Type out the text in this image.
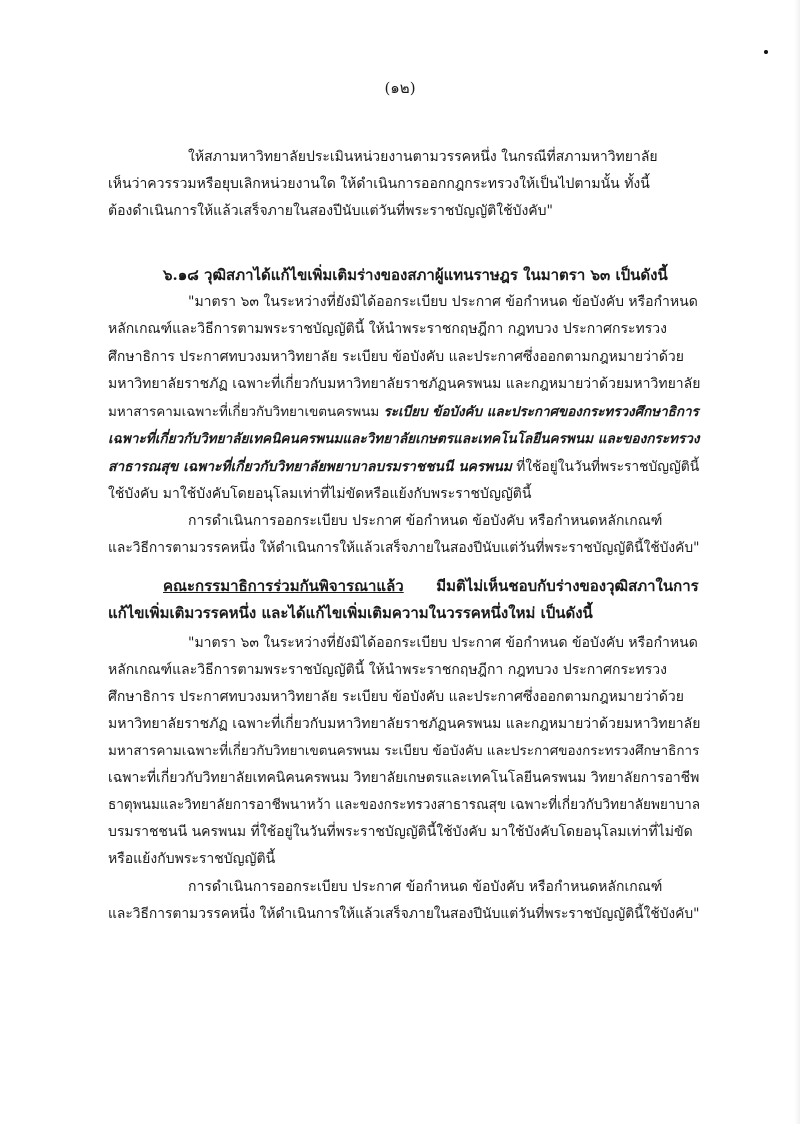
(๑๒)
ให้สภามหาวิทยาลัยประเมินหน่วยงานตามวรรคหนึ่ง ในกรณีที่สภามหาวิทยาลัย
เห็นว่าควรรวมหรือยุบเลิกหน่วยงานใด ให้ดำเนินการออกกฎกระทรวงให้เป็นไปตามนั้น ทั้งนี้
ต้องดำเนินการให้แล้วเสร็จภายในสองปีนับแต่วันที่พระราชบัญญัติใช้บังคับ"
๖.๑๘ วุฒิสภาได้แก้ไขเพิ่มเติมร่างของสภาผู้แทนราษฎร ในมาตรา ๖๓ เป็นดังนี้
"มาตรา ๖๓ ในระหว่างที่ยังมิได้ออกระเบียบ ประกาศ ข้อกำหนด ข้อบังคับ หรือกำหนด
หลักเกณฑ์และวิธีการตามพระราชบัญญัตินี้ ให้นำพระราชกฤษฎีกา กฎทบวง ประกาศกระทรวง
ศึกษาธิการ ประกาศทบวงมหาวิทยาลัย ระเบียบ ข้อบังคับ และประกาศซึ่งออกตามกฎหมายว่าด้วย
มหาวิทยาลัยราชภัฏ เฉพาะที่เกี่ยวกับมหาวิทยาลัยราชภัฏนครพนม และกฎหมายว่าด้วยมหาวิทยาลัย
มหาสารคามเฉพาะที่เกี่ยวกับวิทยาเขตนครพนม ระเบียบ ข้อบังคับ และประกาศของกระทรวงศึกษาธิการ
เฉพาะที่เกี่ยวกับวิทยาลัยเทคนิคนครพนมและวิทยาลัยเกษตรและเทคโนโลยีนครพนม และของกระทรวง
สาธารณสุข เฉพาะที่เกี่ยวกับวิทยาลัยพยาบาลบรมราชชนนี นครพนม ที่ใช้อยู่ในวันที่พระราชบัญญัตินี้
ใช้บังคับ มาใช้บังคับโดยอนุโลมเท่าที่ไม่ขัดหรือแย้งกับพระราชบัญญัตินี้
การดำเนินการออกระเบียบ ประกาศ ข้อกำหนด ข้อบังคับ หรือกำหนดหลักเกณฑ์
และวิธีการตามวรรคหนึ่ง ให้ดำเนินการให้แล้วเสร็จภายในสองปีนับแต่วันที่พระราชบัญญัตินี้ใช้บังคับ"
คณะกรรมาธิการร่วมกันพิจารณาแล้ว มีมติไม่เห็นชอบกับร่างของวุฒิสภาในการ
แก้ไขเพิ่มเติมวรรคหนึ่ง และได้แก้ไขเพิ่มเติมความในวรรคหนึ่งใหม่ เป็นดังนี้
"มาตรา ๖๓ ในระหว่างที่ยังมิได้ออกระเบียบ ประกาศ ข้อกำหนด ข้อบังคับ หรือกำหนด
หลักเกณฑ์และวิธีการตามพระราชบัญญัตินี้ ให้นำพระราชกฤษฎีกา กฎทบวง ประกาศกระทรวง
ศึกษาธิการ ประกาศทบวงมหาวิทยาลัย ระเบียบ ข้อบังคับ และประกาศซึ่งออกตามกฎหมายว่าด้วย
มหาวิทยาลัยราชภัฏ เฉพาะที่เกี่ยวกับมหาวิทยาลัยราชภัฏนครพนม และกฎหมายว่าด้วยมหาวิทยาลัย
มหาสารคามเฉพาะที่เกี่ยวกับวิทยาเขตนครพนม ระเบียบ ข้อบังคับ และประกาศของกระทรวงศึกษาธิการ
เฉพาะที่เกี่ยวกับวิทยาลัยเทคนิคนครพนม วิทยาลัยเกษตรและเทคโนโลยีนครพนม วิทยาลัยการอาชีพ
ธาตุพนมและวิทยาลัยการอาชีพนาหว้า และของกระทรวงสาธารณสุข เฉพาะที่เกี่ยวกับวิทยาลัยพยาบาล
บรมราชชนนี นครพนม ที่ใช้อยู่ในวันที่พระราชบัญญัตินี้ใช้บังคับ มาใช้บังคับโดยอนุโลมเท่าที่ไม่ขัด
หรือแย้งกับพระราชบัญญัตินี้
การดำเนินการออกระเบียบ ประกาศ ข้อกำหนด ข้อบังคับ หรือกำหนดหลักเกณฑ์
และวิธีการตามวรรคหนึ่ง ให้ดำเนินการให้แล้วเสร็จภายในสองปีนับแต่วันที่พระราชบัญญัตินี้ใช้บังคับ"
